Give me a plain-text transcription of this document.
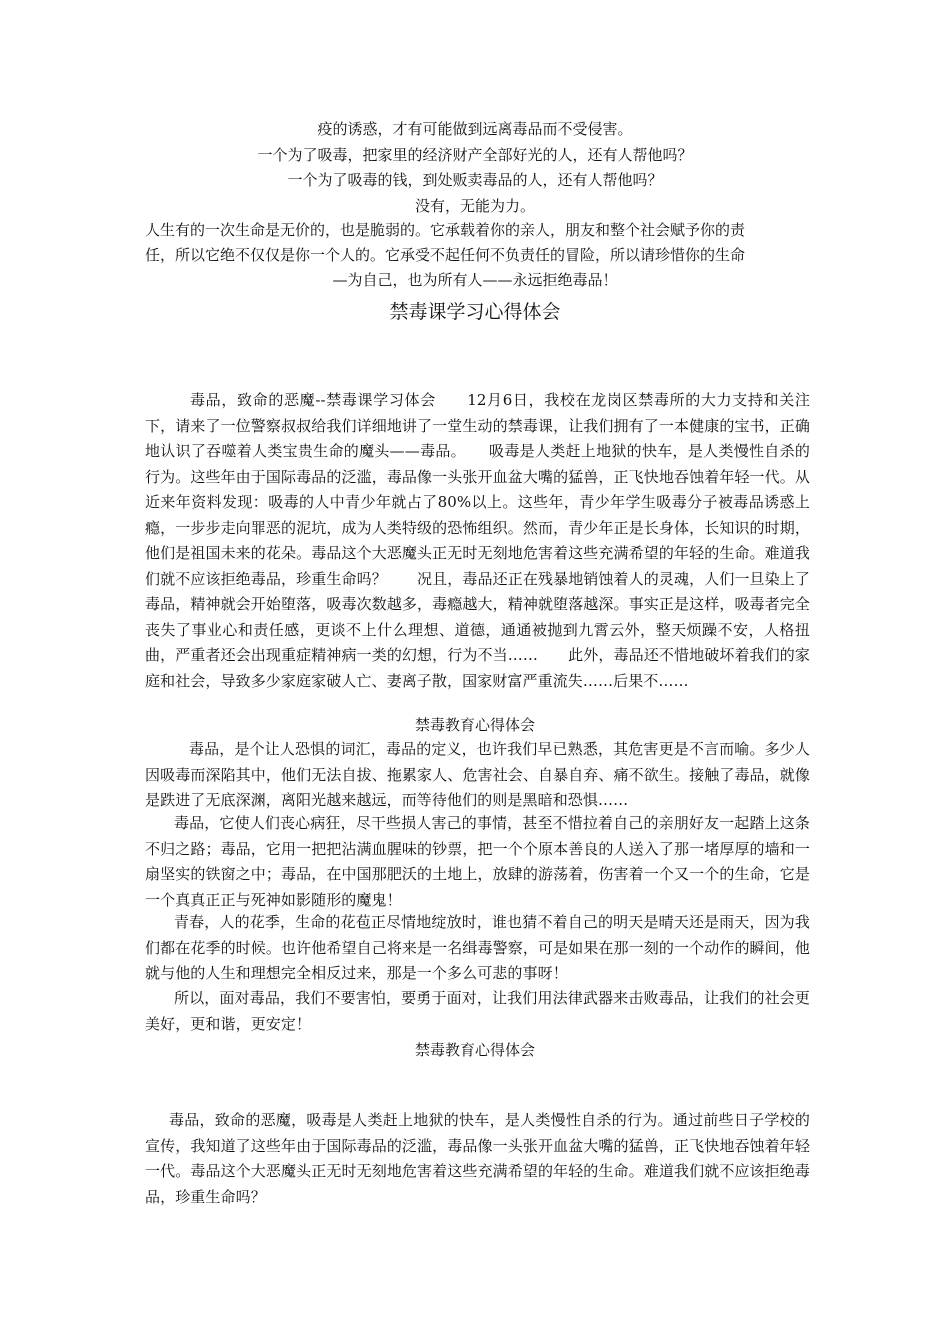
疫的诱惑，才有可能做到远离毒品而不受侵害。
一个为了吸毒，把家里的经济财产全部好光的人，还有人帮他吗？
一个为了吸毒的钱，到处贩卖毒品的人，还有人帮他吗？
没有，无能为力。
人生有的一次生命是无价的，也是脆弱的。它承载着你的亲人，朋友和整个社会赋予你的责
任，所以它绝不仅仅是你一个人的。它承受不起任何不负责任的冒险，所以请珍惜你的生命
—为自己，也为所有人——永远拒绝毒品！
禁毒课学习心得体会
毒品，致命的恶魔--禁毒课学习体会　　12月6日，我校在龙岗区禁毒所的大力支持和关注下，请来了一位警察叔叔给我们详细地讲了一堂生动的禁毒课，让我们拥有了一本健康的宝书，正确地认识了吞噬着人类宝贵生命的魔头——毒品。　　吸毒是人类赶上地狱的快车，是人类慢性自杀的行为。这些年由于国际毒品的泛滥，毒品像一头张开血盆大嘴的猛兽，正飞快地吞蚀着年轻一代。从近来年资料发现：吸毒的人中青少年就占了80%以上。这些年，青少年学生吸毒分子被毒品诱惑上瘾，一步步走向罪恶的泥坑，成为人类特级的恐怖组织。然而，青少年正是长身体，长知识的时期，他们是祖国未来的花朵。毒品这个大恶魔头正无时无刻地危害着这些充满希望的年轻的生命。难道我们就不应该拒绝毒品，珍重生命吗？　　况且，毒品还正在残暴地销蚀着人的灵魂，人们一旦染上了毒品，精神就会开始堕落，吸毒次数越多，毒瘾越大，精神就堕落越深。事实正是这样，吸毒者完全丧失了事业心和责任感，更谈不上什么理想、道德，通通被抛到九霄云外，整天烦躁不安，人格扭曲，严重者还会出现重症精神病一类的幻想，行为不当……　　此外，毒品还不惜地破坏着我们的家庭和社会，导致多少家庭家破人亡、妻离子散，国家财富严重流失……后果不……
禁毒教育心得体会
毒品，是个让人恐惧的词汇，毒品的定义，也许我们早已熟悉，其危害更是不言而喻。多少人因吸毒而深陷其中，他们无法自拔、拖累家人、危害社会、自暴自弃、痛不欲生。接触了毒品，就像是跌进了无底深渊，离阳光越来越远，而等待他们的则是黑暗和恐惧……
毒品，它使人们丧心病狂，尽干些损人害己的事情，甚至不惜拉着自己的亲朋好友一起踏上这条不归之路；毒品，它用一把把沾满血腥味的钞票，把一个个原本善良的人送入了那一堵厚厚的墙和一扇坚实的铁窗之中；毒品，在中国那肥沃的土地上，放肆的游荡着，伤害着一个又一个的生命，它是一个真真正正与死神如影随形的魔鬼！
青春，人的花季，生命的花苞正尽情地绽放时，谁也猜不着自己的明天是晴天还是雨天，因为我们都在花季的时候。也许他希望自己将来是一名缉毒警察，可是如果在那一刻的一个动作的瞬间，他就与他的人生和理想完全相反过来，那是一个多么可悲的事呀！
所以，面对毒品，我们不要害怕，要勇于面对，让我们用法律武器来击败毒品，让我们的社会更美好，更和谐，更安定！
禁毒教育心得体会
毒品，致命的恶魔，吸毒是人类赶上地狱的快车，是人类慢性自杀的行为。通过前些日子学校的宣传，我知道了这些年由于国际毒品的泛滥，毒品像一头张开血盆大嘴的猛兽，正飞快地吞蚀着年轻一代。毒品这个大恶魔头正无时无刻地危害着这些充满希望的年轻的生命。难道我们就不应该拒绝毒品，珍重生命吗？
